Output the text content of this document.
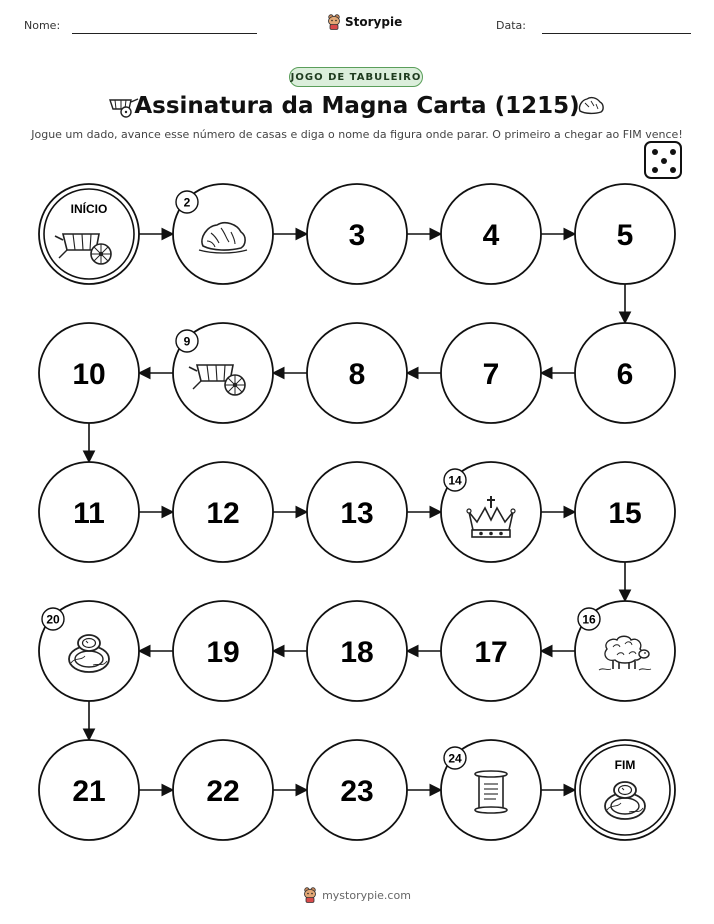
Nome:	Storypie	Data:
JOGO DE TABULEIRO
Assinatura da Magna Carta (1215)
Jogue um dado, avance esse número de casas e diga o nome da figura onde parar. O primeiro a chegar ao FIM vence!
INÍCIO	2
3	4	5
6
7
8
9
10
11	12	13
14
15
16
17
18
19
20
21	22	23
24	FIM
mystorypie.com
